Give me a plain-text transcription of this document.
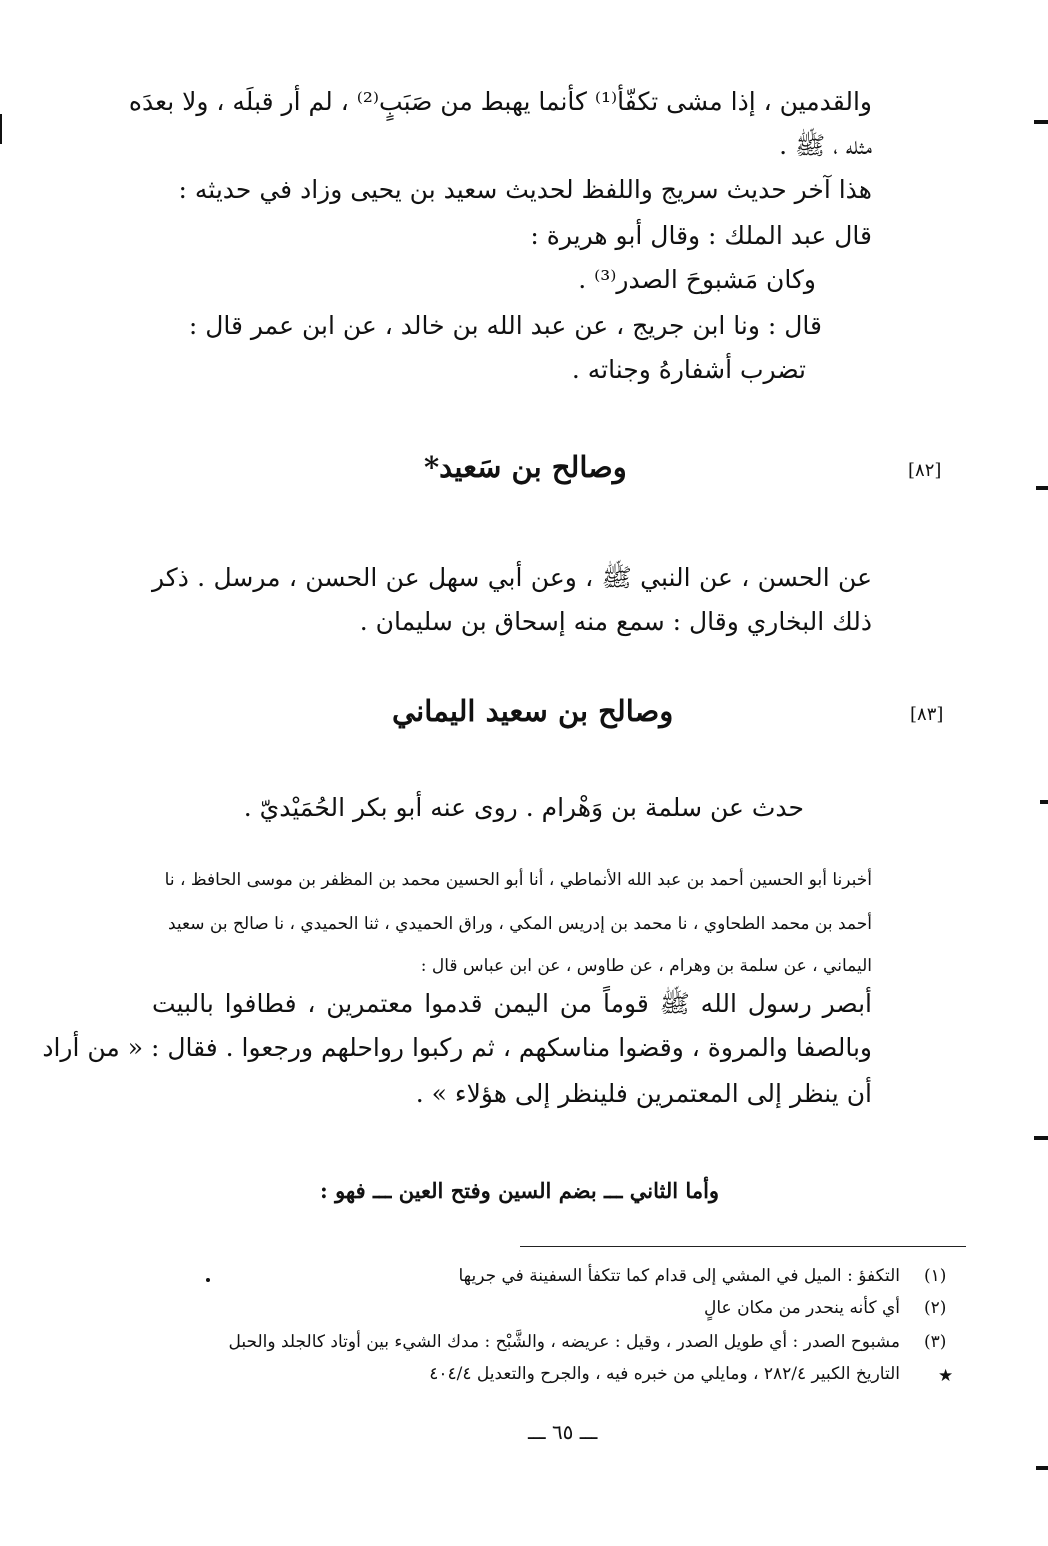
والقدمين ، إذا مشى تكفّأ⁽¹⁾ كأنما يهبط من صَبَبٍ⁽²⁾ ، لم أر قبلَه ، ولا بعدَه
مثله ، ﷺ .
هذا آخر حديث سريج واللفظ لحديث سعيد بن يحيى وزاد في حديثه :
قال عبد الملك : وقال أبو هريرة :
وكان مَشبوحَ الصدر⁽³⁾ .
قال : ونا ابن جريج ، عن عبد الله بن خالد ، عن ابن عمر قال :
تضرب أشفارهُ وجناته .
[٨٢]
وصالح بن سَعيد*
عن الحسن ، عن النبي ﷺ ، وعن أبي سهل عن الحسن ، مرسل . ذكر
ذلك البخاري وقال : سمع منه إسحاق بن سليمان .
[٨٣]
وصالح بن سعيد اليماني
حدث عن سلمة بن وَهْرام . روى عنه أبو بكر الحُمَيْديّ .
أخبرنا أبو الحسين أحمد بن عبد الله الأنماطي ، أنا أبو الحسين محمد بن المظفر بن موسى الحافظ ، نا
أحمد بن محمد الطحاوي ، نا محمد بن إدريس المكي ، وراق الحميدي ، ثنا الحميدي ، نا صالح بن سعيد
اليماني ، عن سلمة بن وهرام ، عن طاوس ، عن ابن عباس قال :
أبصر رسول الله ﷺ قوماً من اليمن قدموا معتمرين ، فطافوا بالبيت
وبالصفا والمروة ، وقضوا مناسكهم ، ثم ركبوا رواحلهم ورجعوا . فقال : « من أراد
أن ينظر إلى المعتمرين فلينظر إلى هؤلاء » .
وأما الثاني ـــ بضم السين وفتح العين ـــ فهو :
(١)
التكفؤ : الميل في المشي إلى قدام كما تتكفأ السفينة في جريها
(٢)
أي كأنه ينحدر من مكان عالٍ
(٣)
مشبوح الصدر : أي طويل الصدر ، وقيل : عريضه ، والشَّبْح : مدك الشيء بين أوتاد كالجلد والحبل
★
التاريخ الكبير ٢٨٢/٤ ، ومايلي من خبره فيه ، والجرح والتعديل ٤٠٤/٤
ـــ ٦٥ ـــ
